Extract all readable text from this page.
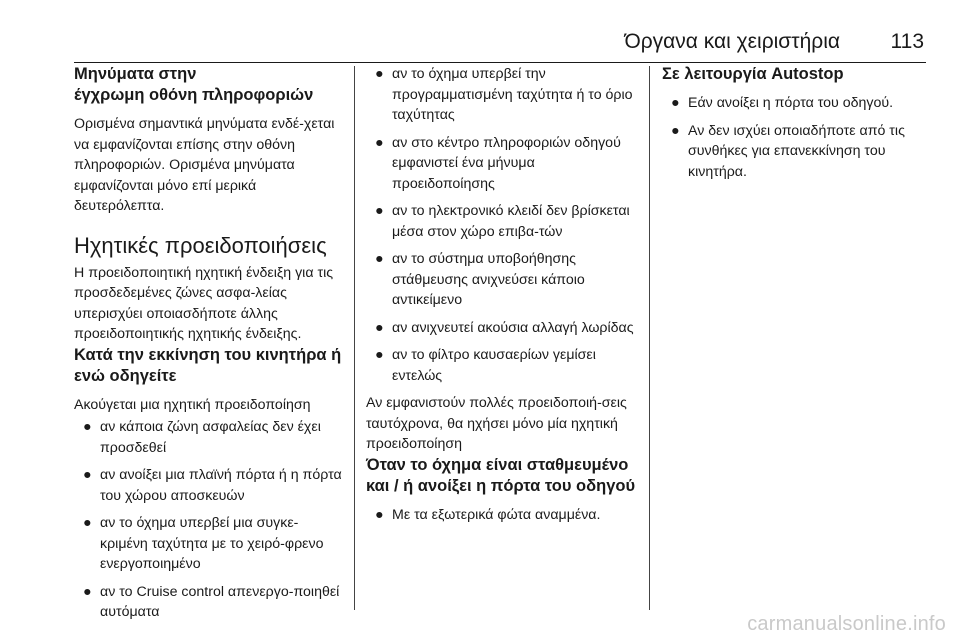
Όργανα και χειριστήρια 113
Μηνύματα στην
έγχρωμη οθόνη πληροφοριών

Ορισμένα σημαντικά μηνύματα ενδέ-χεται να εμφανίζονται επίσης στην οθόνη πληροφοριών. Ορισμένα μηνύματα εμφανίζονται μόνο επί μερικά δευτερόλεπτα.

Ηχητικές προειδοποιήσεις

Η προειδοποιητική ηχητική ένδειξη για τις προσδεδεμένες ζώνες ασφα-λείας υπερισχύει οποιασδήποτε άλλης προειδοποιητικής ηχητικής ένδειξης.

Κατά την εκκίνηση του κινητήρα ή ενώ οδηγείτε

Ακούγεται μια ηχητική προειδοποίηση

● αν κάποια ζώνη ασφαλείας δεν έχει προσδεθεί
● αν ανοίξει μια πλαϊνή πόρτα ή η πόρτα του χώρου αποσκευών
● αν το όχημα υπερβεί μια συγκε-κριμένη ταχύτητα με το χειρό-φρενο ενεργοποιημένο
● αν το Cruise control απενεργο-ποιηθεί αυτόματα
● αν το όχημα υπερβεί την προγραμματισμένη ταχύτητα ή το όριο ταχύτητας
● αν στο κέντρο πληροφοριών οδηγού εμφανιστεί ένα μήνυμα προειδοποίησης
● αν το ηλεκτρονικό κλειδί δεν βρίσκεται μέσα στον χώρο επιβα-τών
● αν το σύστημα υποβοήθησης στάθμευσης ανιχνεύσει κάποιο αντικείμενο
● αν ανιχνευτεί ακούσια αλλαγή λωρίδας
● αν το φίλτρο καυσαερίων γεμίσει εντελώς

Αν εμφανιστούν πολλές προειδοποιή-σεις ταυτόχρονα, θα ηχήσει μόνο μία ηχητική προειδοποίηση

Όταν το όχημα είναι σταθμευμένο και / ή ανοίξει η πόρτα του οδηγού
● Με τα εξωτερικά φώτα αναμμένα.
Σε λειτουργία Autostop
● Εάν ανοίξει η πόρτα του οδηγού.
● Αν δεν ισχύει οποιαδήποτε από τις συνθήκες για επανεκκίνηση του κινητήρα.
carmanualsonline.info
